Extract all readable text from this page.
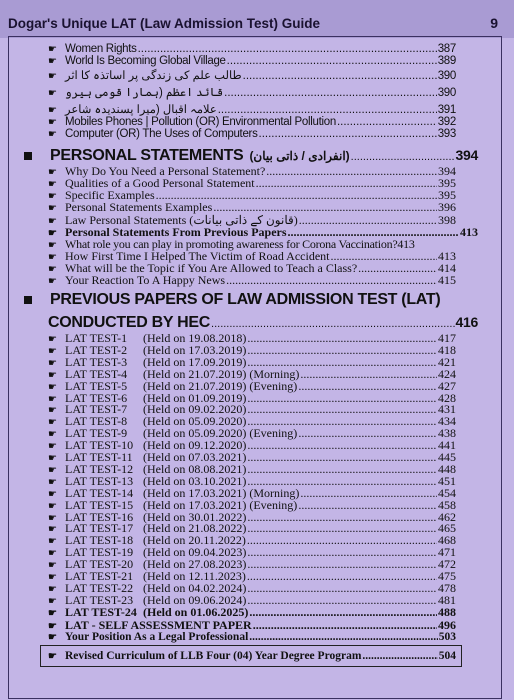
Dogar's Unique LAT (Law Admission Test) Guide	9
☛ Women Rights .....	387
☛ World Is Becoming Global Village .....	389
☛ طالب علم کی زندگی پر اساتذہ کا اثر .....	390
☛ قائد اعظم (ہمارا قومی ہیرو .....	390
☛ علامہ اقبال (میرا پسندیدہ شاعر .....	391
☛ Mobiles Phones | Pollution (OR) Environmental Pollution .....	392
☛ Computer (OR) The Uses of Computers .....	393
PERSONAL STATEMENTS (انفرادی / ذاتی بیان) .....	394
☛ Why Do You Need a Personal Statement? .....	394
☛ Qualities of a Good Personal Statement .....	395
☛ Specific Examples .....	395
☛ Personal Statements Examples .....	396
☛ Law Personal Statements (قانون کے ذاتی بیانات) .....	398
☛ Personal Statements From Previous Papers .....	413
☛ What role you can play in promoting awareness for Corona Vaccination? 413
☛ How First Time I Helped The Victim of Road Accident .....	413
☛ What will be the Topic if You Are Allowed to Teach a Class? .....	414
☛ Your Reaction To A Happy News .....	415
PREVIOUS PAPERS OF LAW ADMISSION TEST (LAT)
CONDUCTED BY HEC .....	416
☛ LAT TEST-1	(Held on 19.08.2018) .....	417
☛ LAT TEST-2	(Held on 17.03.2019) .....	418
☛ LAT TEST-3	(Held on 17.09.2019) .....	421
☛ LAT TEST-4	(Held on 21.07.2019) (Morning) .....	424
☛ LAT TEST-5	(Held on 21.07.2019) (Evening) .....	427
☛ LAT TEST-6	(Held on 01.09.2019) .....	428
☛ LAT TEST-7	(Held on 09.02.2020) .....	431
☛ LAT TEST-8	(Held on 05.09.2020) .....	434
☛ LAT TEST-9	(Held on 05.09.2020) (Evening) .....	438
☛ LAT TEST-10 (Held on 09.12.2020) .....	441
☛ LAT TEST-11 (Held on 07.03.2021) .....	445
☛ LAT TEST-12 (Held on 08.08.2021) .....	448
☛ LAT TEST-13 (Held on 03.10.2021) .....	451
☛ LAT TEST-14 (Held on 17.03.2021) (Morning) .....	454
☛ LAT TEST-15 (Held on 17.03.2021) (Evening) .....	458
☛ LAT TEST-16 (Held on 30.01.2022) .....	462
☛ LAT TEST-17 (Held on 21.08.2022) .....	465
☛ LAT TEST-18 (Held on 20.11.2022) .....	468
☛ LAT TEST-19 (Held on 09.04.2023) .....	471
☛ LAT TEST-20 (Held on 27.08.2023) .....	472
☛ LAT TEST-21 (Held on 12.11.2023) .....	475
☛ LAT TEST-22 (Held on 04.02.2024) .....	478
☛ LAT TEST-23 (Held on 09.06.2024) .....	481
☛ LAT TEST-24 (Held on 01.06.2025) .....	488
☛ LAT - SELF ASSESSMENT PAPER .....	496
☛ Your Position As a Legal Professional .....	503
☛ Revised Curriculum of LLB Four (04) Year Degree Program .....	504
